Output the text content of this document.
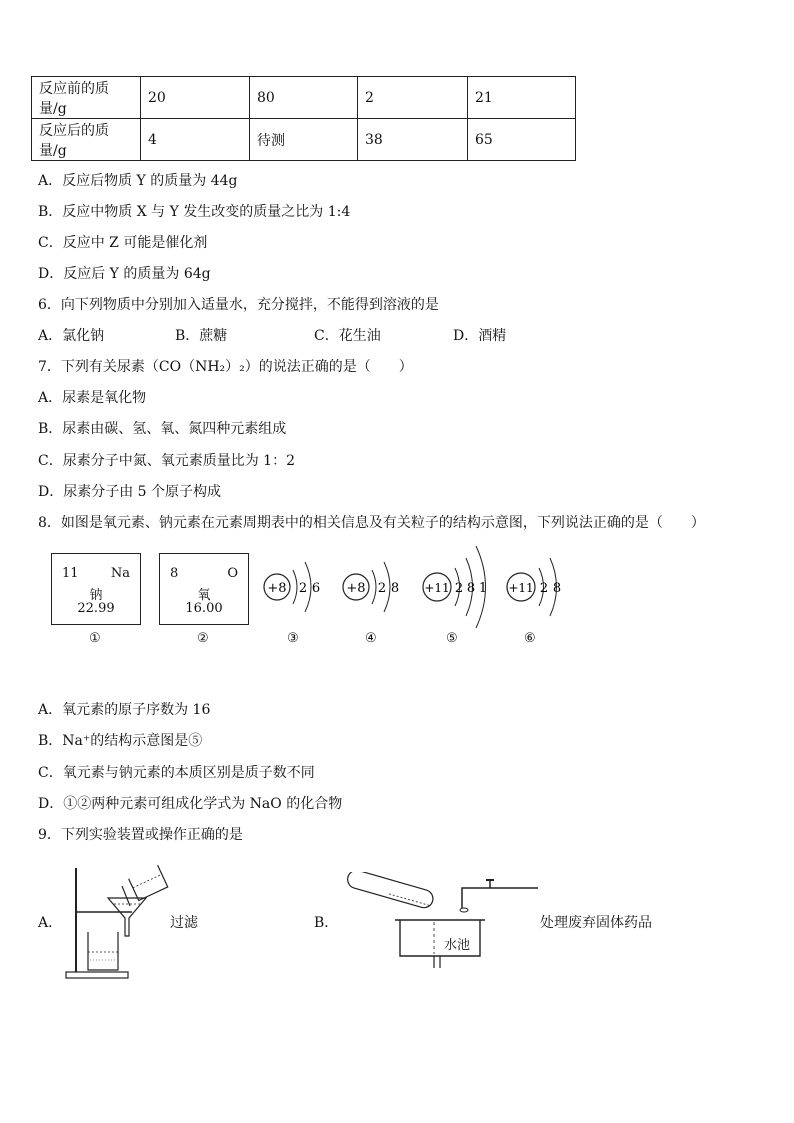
反应前的质量/g	20	80	2	21
反应后的质量/g	4	待测	38	65
A．反应后物质 Y 的质量为 44g
B．反应中物质 X 与 Y 发生改变的质量之比为 1:4
C．反应中 Z 可能是催化剂
D．反应后 Y 的质量为 64g
6．向下列物质中分别加入适量水，充分搅拌，不能得到溶液的是
A．氯化钠	B．蔗糖	C．花生油	D．酒精
7．下列有关尿素（CO（NH₂）₂）的说法正确的是（　　）
A．尿素是氧化物
B．尿素由碳、氢、氧、氮四种元素组成
C．尿素分子中氮、氧元素质量比为 1：2
D．尿素分子由 5 个原子构成
8．如图是氧元素、钠元素在元素周期表中的相关信息及有关粒子的结构示意图，下列说法正确的是（　　）
11 Na
钠
22.99
8	O
氧
16.00
+8 2 6 +8 2 8 +11 2 8 1 +11 2 8
①	②	③	④	⑤	⑥
A．氧元素的原子序数为 16
B．Na⁺的结构示意图是⑤
C．氧元素与钠元素的本质区别是质子数不同
D．①②两种元素可组成化学式为 NaO 的化合物
9．下列实验装置或操作正确的是
A．	过滤	B．
水池
处理废弃固体药品
